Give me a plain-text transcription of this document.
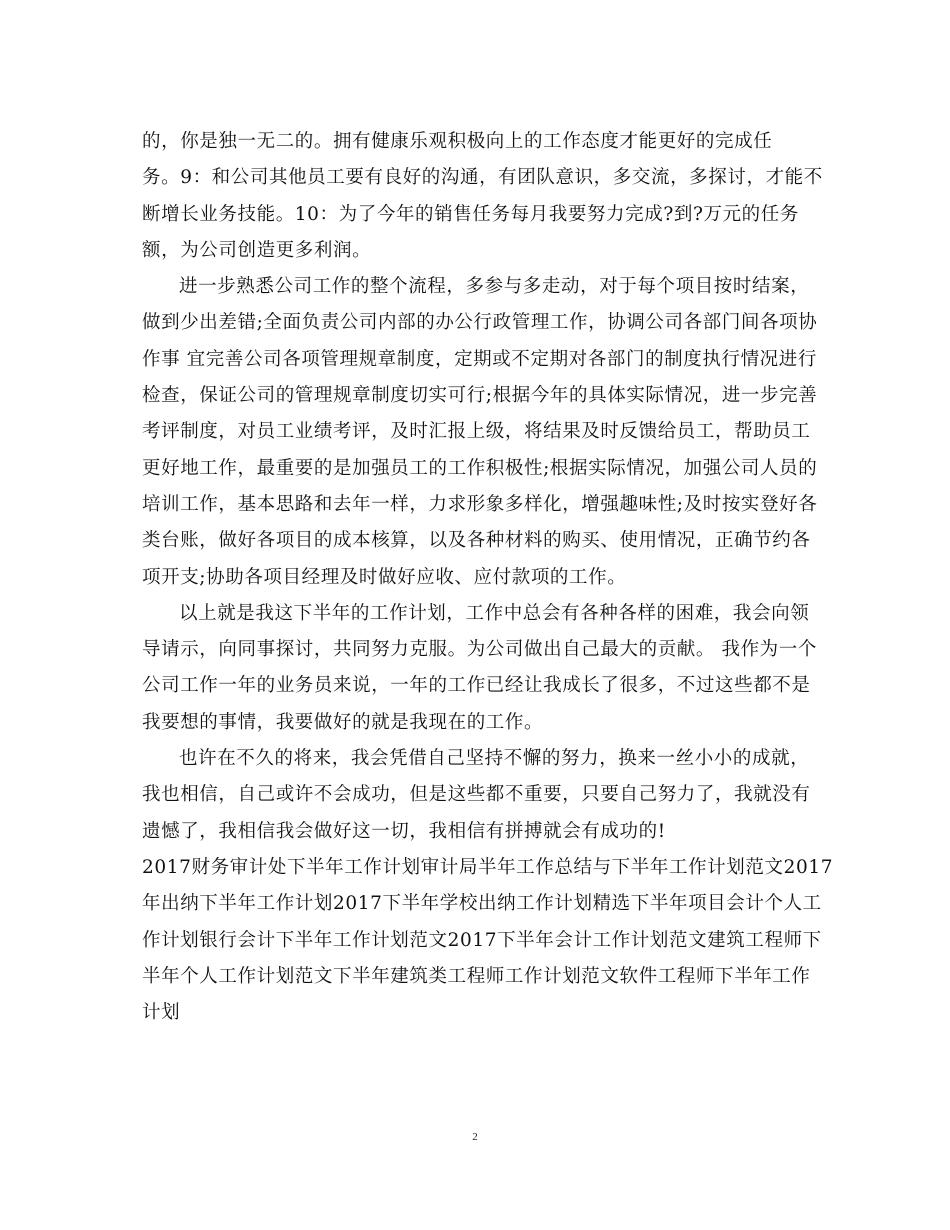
的，你是独一无二的。拥有健康乐观积极向上的工作态度才能更好的完成任
务。9：和公司其他员工要有良好的沟通，有团队意识，多交流，多探讨，才能不
断增长业务技能。10：为了今年的销售任务每月我要努力完成?到?万元的任务
额，为公司创造更多利润。
进一步熟悉公司工作的整个流程，多参与多走动，对于每个项目按时结案，
做到少出差错;全面负责公司内部的办公行政管理工作，协调公司各部门间各项协
作事 宜完善公司各项管理规章制度，定期或不定期对各部门的制度执行情况进行
检查，保证公司的管理规章制度切实可行;根据今年的具体实际情况，进一步完善
考评制度，对员工业绩考评，及时汇报上级，将结果及时反馈给员工，帮助员工
更好地工作，最重要的是加强员工的工作积极性;根据实际情况，加强公司人员的
培训工作，基本思路和去年一样，力求形象多样化，增强趣味性;及时按实登好各
类台账，做好各项目的成本核算，以及各种材料的购买、使用情况，正确节约各
项开支;协助各项目经理及时做好应收、应付款项的工作。
以上就是我这下半年的工作计划，工作中总会有各种各样的困难，我会向领
导请示，向同事探讨，共同努力克服。为公司做出自己最大的贡献。 我作为一个
公司工作一年的业务员来说，一年的工作已经让我成长了很多，不过这些都不是
我要想的事情，我要做好的就是我现在的工作。
也许在不久的将来，我会凭借自己坚持不懈的努力，换来一丝小小的成就，
我也相信，自己或许不会成功，但是这些都不重要，只要自己努力了，我就没有
遗憾了，我相信我会做好这一切，我相信有拼搏就会有成功的!
2017财务审计处下半年工作计划审计局半年工作总结与下半年工作计划范文2017
年出纳下半年工作计划2017下半年学校出纳工作计划精选下半年项目会计个人工
作计划银行会计下半年工作计划范文2017下半年会计工作计划范文建筑工程师下
半年个人工作计划范文下半年建筑类工程师工作计划范文软件工程师下半年工作
计划
2
